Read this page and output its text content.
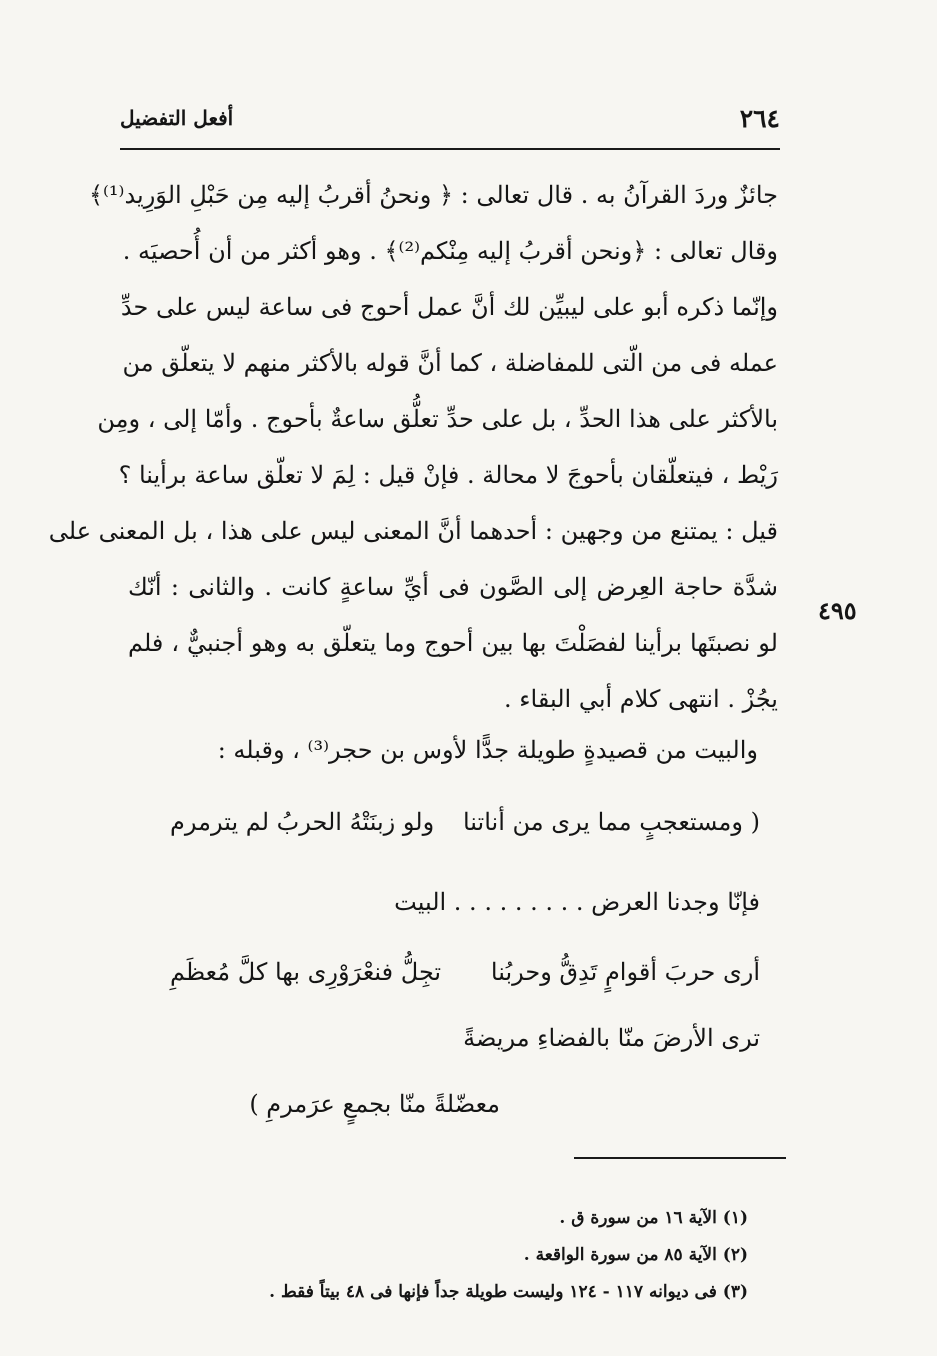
٢٦٤
أفعل التفضيل
جائزٌ وردَ القرآنُ به . قال تعالى : ﴿ ونحنُ أقربُ إليه مِن حَبْلِ الوَرِيد⁽¹⁾﴾
وقال تعالى : ﴿ونحن أقربُ إليه مِنْكم⁽²⁾﴾ . وهو أكثر من أن أُحصيَه .
وإنّما ذكره أبو على ليبيِّن لك أنَّ عمل أحوج فى ساعة ليس على حدِّ
عمله فى من الّتى للمفاضلة ، كما أنَّ قوله بالأكثر منهم لا يتعلّق من
بالأكثر على هذا الحدِّ ، بل على حدِّ تعلُّق ساعةٌ بأحوج . وأمّا إلى ، ومِن
رَيْط ، فيتعلّقان بأحوجَ لا محالة . فإنْ قيل : لِمَ لا تعلّق ساعة برأينا ؟
قيل : يمتنع من وجهين : أحدهما أنَّ المعنى ليس على هذا ، بل المعنى على
شدَّة حاجة العِرض إلى الصَّون فى أيِّ ساعةٍ كانت . والثانى : أنّك
لو نصبتَها برأينا لفصَلْتَ بها بين أحوج وما يتعلّق به وهو أجنبيٌّ ، فلم
يجُزْ . انتهى كلام أبي البقاء .
٤٩٥
والبيت من قصيدةٍ طويلة جدًّا لأوس بن حجر⁽³⁾ ، وقبله :
( ومستعجبٍ مما يرى من أناتنا
ولو زبنَتْهُ الحربُ لم يترمرم
فإنّا وجدنا العرض . . . . . . . . . البيت
أرى حربَ أقوامٍ تَدِقُّ وحربُنا
تجِلُّ فنعْرَوْرِى بها كلَّ مُعظَمِ
ترى الأرضَ منّا بالفضاءِ مريضةً
معضّلةً منّا بجمعٍ عرَمرمِ )
(١) الآية ١٦ من سورة ق .
(٢) الآية ٨٥ من سورة الواقعة .
(٣) فى ديوانه ١١٧ - ١٢٤ وليست طويلة جداً فإنها فى ٤٨ بيتاً فقط .
